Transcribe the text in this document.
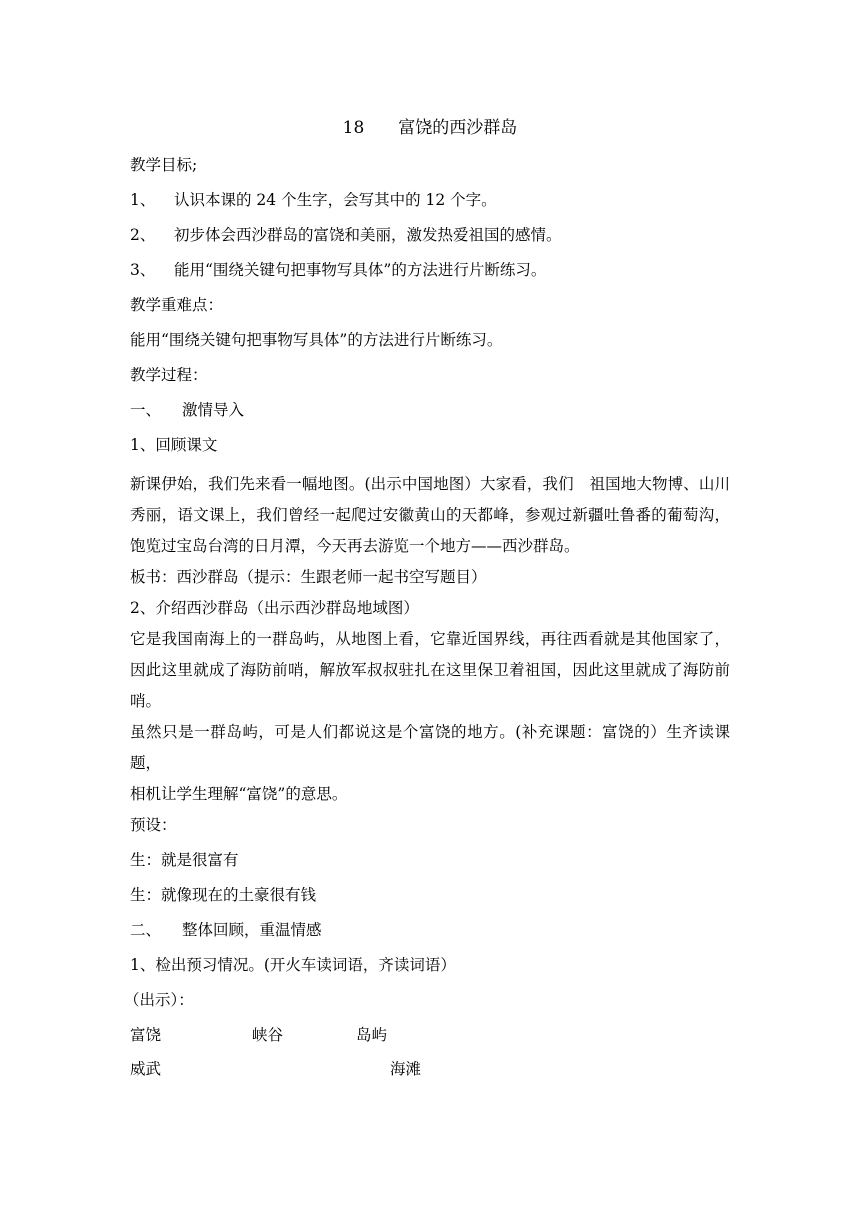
18　　富饶的西沙群岛
教学目标;
1、 认识本课的 24 个生字，会写其中的 12 个字。
2、 初步体会西沙群岛的富饶和美丽，激发热爱祖国的感情。
3、 能用“围绕关键句把事物写具体”的方法进行片断练习。
教学重难点：
能用“围绕关键句把事物写具体”的方法进行片断练习。
教学过程：
一、 激情导入
1、回顾课文

新课伊始，我们先来看一幅地图。(出示中国地图）大家看，我们　祖国地大物博、山川秀丽，语文课上，我们曾经一起爬过安徽黄山的天都峰，参观过新疆吐鲁番的葡萄沟，饱览过宝岛台湾的日月潭，今天再去游览一个地方——西沙群岛。

板书：西沙群岛（提示：生跟老师一起书空写题目）

2、介绍西沙群岛（出示西沙群岛地域图）

它是我国南海上的一群岛屿，从地图上看，它靠近国界线，再往西看就是其他国家了，因此这里就成了海防前哨，解放军叔叔驻扎在这里保卫着祖国，因此这里就成了海防前哨。

虽然只是一群岛屿，可是人们都说这是个富饶的地方。(补充课题：富饶的）生齐读课题，

相机让学生理解“富饶”的意思。

预设：
生：就是很富有
生：就像现在的土豪很有钱
二、 整体回顾，重温情感
1、检出预习情况。(开火车读词语，齐读词语）
（出示）：
富饶	峡谷	岛屿
威武	海滩
